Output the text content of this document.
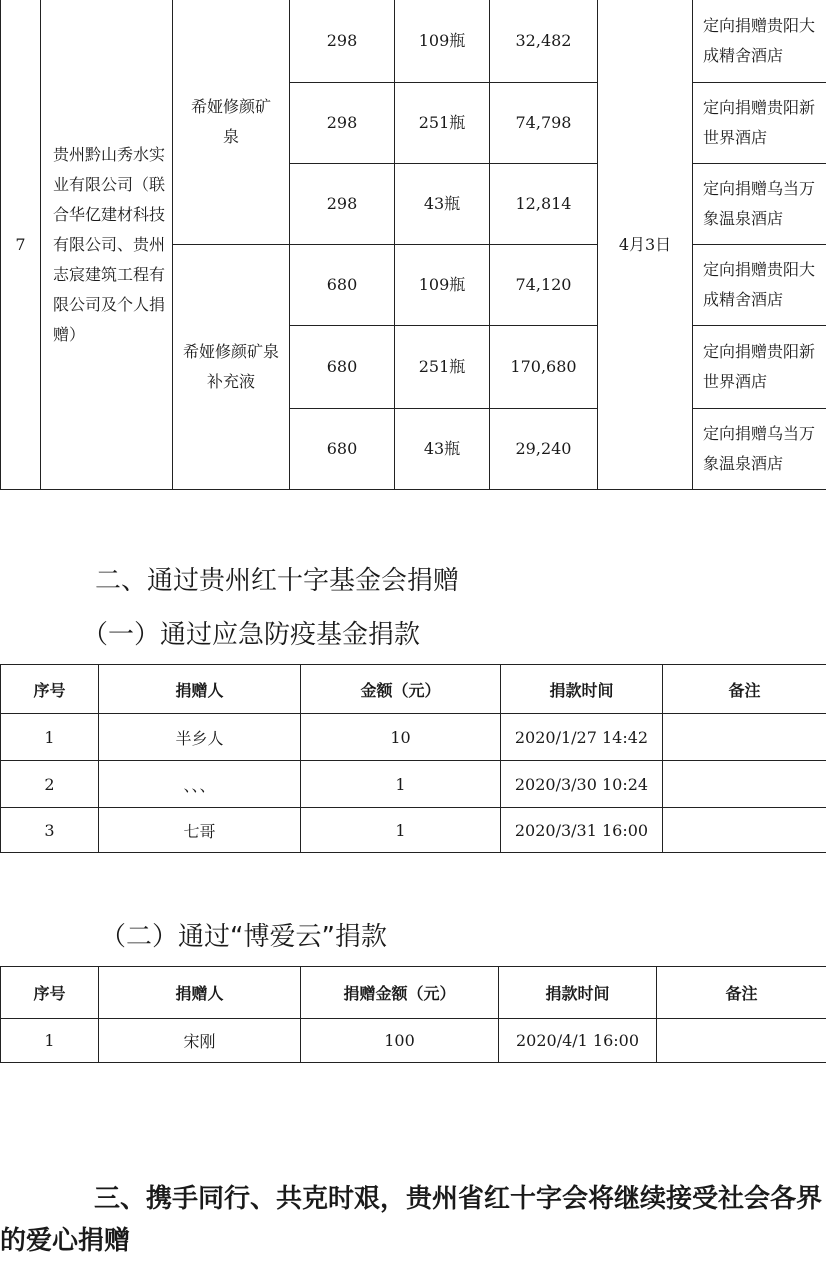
7	贵州黔山秀水实业有限公司（联合华亿建材科技有限公司、贵州志宸建筑工程有限公司及个人捐赠）	希娅修颜矿泉	298	109瓶	32,482	4月3日	定向捐赠贵阳大成精舍酒店
			298	251瓶	74,798		定向捐赠贵阳新世界酒店
			298	43瓶	12,814		定向捐赠乌当万象温泉酒店
		希娅修颜矿泉补充液	680	109瓶	74,120		定向捐赠贵阳大成精舍酒店
			680	251瓶	170,680		定向捐赠贵阳新世界酒店
			680	43瓶	29,240		定向捐赠乌当万象温泉酒店
二、通过贵州红十字基金会捐赠
（一）通过应急防疫基金捐款
序号	捐赠人	金额（元）	捐款时间	备注
1	半乡人	10	2020/1/27 14:42	
2	、、、	1	2020/3/30 10:24	
3	七哥	1	2020/3/31 16:00	
（二）通过“博爱云”捐款
序号	捐赠人	捐赠金额（元）	捐款时间	备注
1	宋刚	100	2020/4/1 16:00	

三、携手同行、共克时艰，贵州省红十字会将继续接受社会各界的爱心捐赠
